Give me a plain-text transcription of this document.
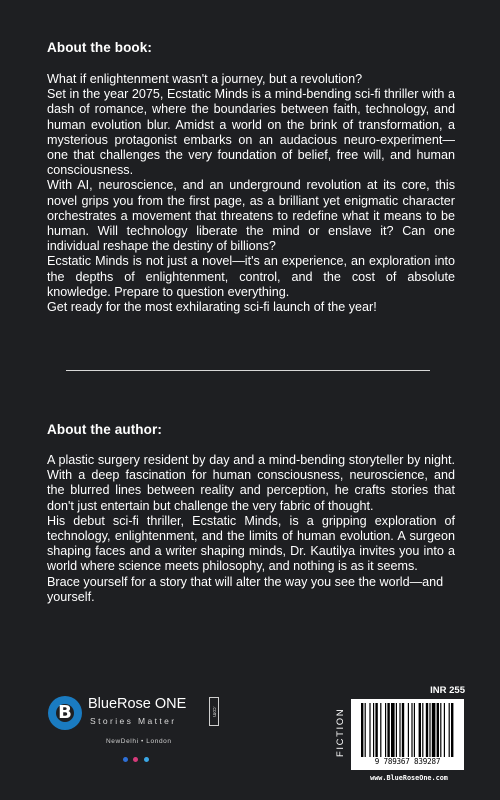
About the book:

What if enlightenment wasn't a journey, but a revolution?

Set in the year 2075, Ecstatic Minds is a mind-bending sci-fi thriller with a dash of romance, where the boundaries between faith, technology, and human evolution blur. Amidst a world on the brink of transformation, a mysterious protagonist embarks on an audacious neuro-experiment—one that challenges the very foundation of belief, free will, and human consciousness.

With AI, neuroscience, and an underground revolution at its core, this novel grips you from the first page, as a brilliant yet enigmatic character orchestrates a movement that threatens to redefine what it means to be human. Will technology liberate the mind or enslave it? Can one individual reshape the destiny of billions?

Ecstatic Minds is not just a novel—it's an experience, an exploration into the depths of enlightenment, control, and the cost of absolute knowledge. Prepare to question everything.

Get ready for the most exhilarating sci-fi launch of the year!

About the author:

A plastic surgery resident by day and a mind-bending storyteller by night. With a deep fascination for human consciousness, neuroscience, and the blurred lines between reality and perception, he crafts stories that don't just entertain but challenge the very fabric of thought.

His debut sci-fi thriller, Ecstatic Minds, is a gripping exploration of technology, enlightenment, and the limits of human evolution. A surgeon shaping faces and a writer shaping minds, Dr. Kautilya invites you into a world where science meets philosophy, and nothing is as it seems.

Brace yourself for a story that will alter the way you see the world—and yourself.

B	BlueRose ONE	.com
Stories Matter
NewDelhi • London

INR 255
FICTION
9 789367 839287
www.BlueRoseOne.com
